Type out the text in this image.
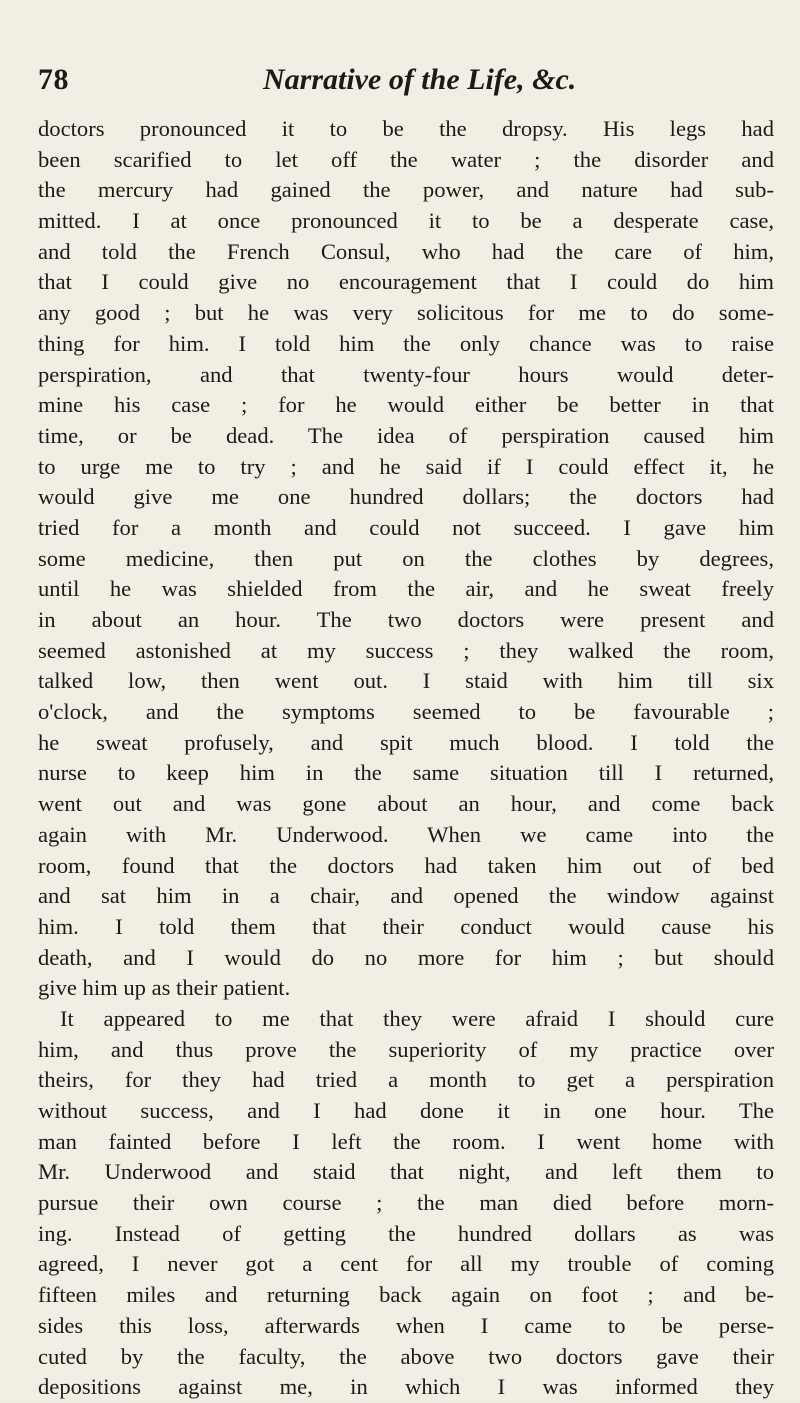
78	Narrative of the Life, &c.
doctors pronounced it to be the dropsy. His legs had
been scarified to let off the water ; the disorder and
the mercury had gained the power, and nature had sub-
mitted. I at once pronounced it to be a desperate case,
and told the French Consul, who had the care of him,
that I could give no encouragement that I could do him
any good ; but he was very solicitous for me to do some-
thing for him. I told him the only chance was to raise
perspiration, and that twenty-four hours would deter-
mine his case ; for he would either be better in that
time, or be dead. The idea of perspiration caused him
to urge me to try ; and he said if I could effect it, he
would give me one hundred dollars; the doctors had
tried for a month and could not succeed. I gave him
some medicine, then put on the clothes by degrees,
until he was shielded from the air, and he sweat freely
in about an hour. The two doctors were present and
seemed astonished at my success ; they walked the room,
talked low, then went out. I staid with him till six
o'clock, and the symptoms seemed to be favourable ;
he sweat profusely, and spit much blood. I told the
nurse to keep him in the same situation till I returned,
went out and was gone about an hour, and come back
again with Mr. Underwood. When we came into the
room, found that the doctors had taken him out of bed
and sat him in a chair, and opened the window against
him. I told them that their conduct would cause his
death, and I would do no more for him ; but should
give him up as their patient.
It appeared to me that they were afraid I should cure
him, and thus prove the superiority of my practice over
theirs, for they had tried a month to get a perspiration
without success, and I had done it in one hour. The
man fainted before I left the room. I went home with
Mr. Underwood and staid that night, and left them to
pursue their own course ; the man died before morn-
ing. Instead of getting the hundred dollars as was
agreed, I never got a cent for all my trouble of coming
fifteen miles and returning back again on foot ; and be-
sides this loss, afterwards when I came to be perse-
cuted by the faculty, the above two doctors gave their
depositions against me, in which I was informed they
